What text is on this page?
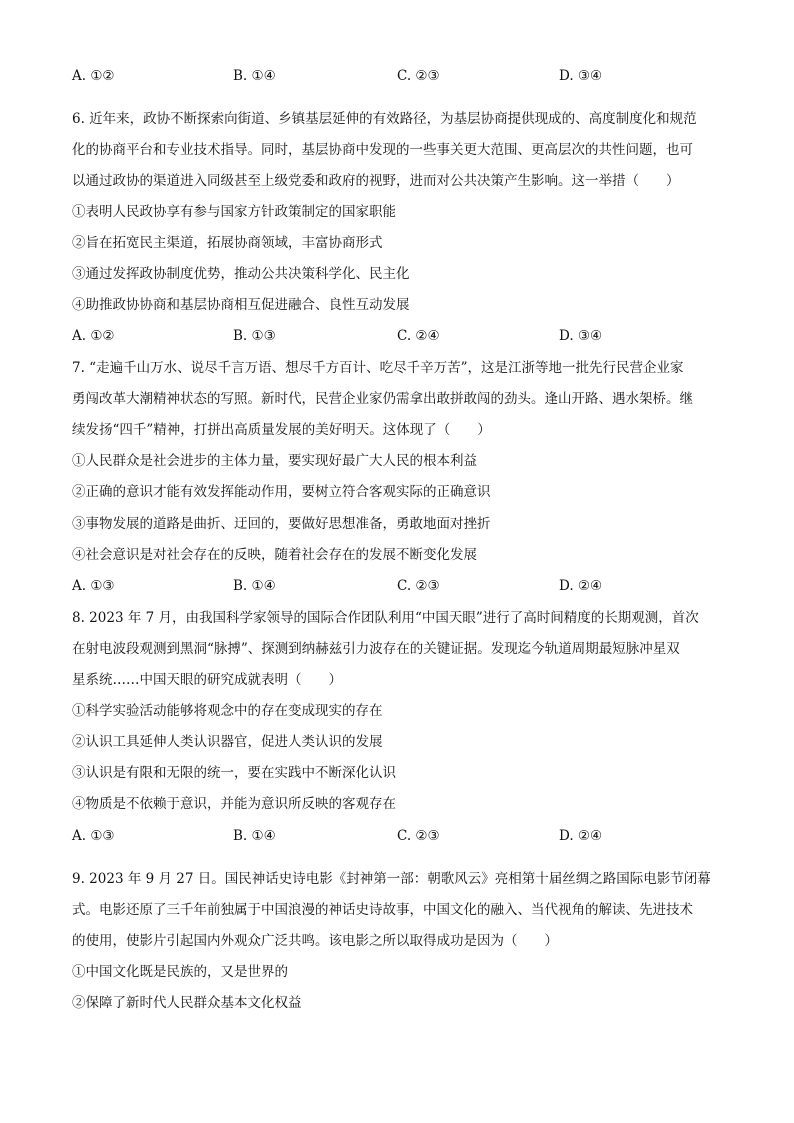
A. ①②	B. ①④	C. ②③	D. ③④
6. 近年来，政协不断探索向街道、乡镇基层延伸的有效路径，为基层协商提供现成的、高度制度化和规范
化的协商平台和专业技术指导。同时，基层协商中发现的一些事关更大范围、更高层次的共性问题，也可
以通过政协的渠道进入同级甚至上级党委和政府的视野，进而对公共决策产生影响。这一举措（　　）
①表明人民政协享有参与国家方针政策制定的国家职能
②旨在拓宽民主渠道，拓展协商领域，丰富协商形式
③通过发挥政协制度优势，推动公共决策科学化、民主化
④助推政协协商和基层协商相互促进融合、良性互动发展
A. ①②	B. ①③	C. ②④	D. ③④
7. “走遍千山万水、说尽千言万语、想尽千方百计、吃尽千辛万苦”，这是江浙等地一批先行民营企业家
勇闯改革大潮精神状态的写照。新时代，民营企业家仍需拿出敢拼敢闯的劲头。逢山开路、遇水架桥。继
续发扬“四千”精神，打拼出高质量发展的美好明天。这体现了（　　）
①人民群众是社会进步的主体力量，要实现好最广大人民的根本利益
②正确的意识才能有效发挥能动作用，要树立符合客观实际的正确意识
③事物发展的道路是曲折、迂回的，要做好思想准备，勇敢地面对挫折
④社会意识是对社会存在的反映，随着社会存在的发展不断变化发展
A. ①③	B. ①④	C. ②③	D. ②④
8. 2023 年 7 月，由我国科学家领导的国际合作团队利用“中国天眼”进行了高时间精度的长期观测，首次
在射电波段观测到黑洞“脉搏”、探测到纳赫兹引力波存在的关键证据。发现迄今轨道周期最短脉冲星双
星系统……中国天眼的研究成就表明（　　）
①科学实验活动能够将观念中的存在变成现实的存在
②认识工具延伸人类认识器官，促进人类认识的发展
③认识是有限和无限的统一，要在实践中不断深化认识
④物质是不依赖于意识，并能为意识所反映的客观存在
A. ①③	B. ①④	C. ②③	D. ②④
9. 2023 年 9 月 27 日。国民神话史诗电影《封神第一部：朝歌风云》亮相第十届丝绸之路国际电影节闭幕
式。电影还原了三千年前独属于中国浪漫的神话史诗故事，中国文化的融入、当代视角的解读、先进技术
的使用，使影片引起国内外观众广泛共鸣。该电影之所以取得成功是因为（　　）
①中国文化既是民族的，又是世界的
②保障了新时代人民群众基本文化权益
